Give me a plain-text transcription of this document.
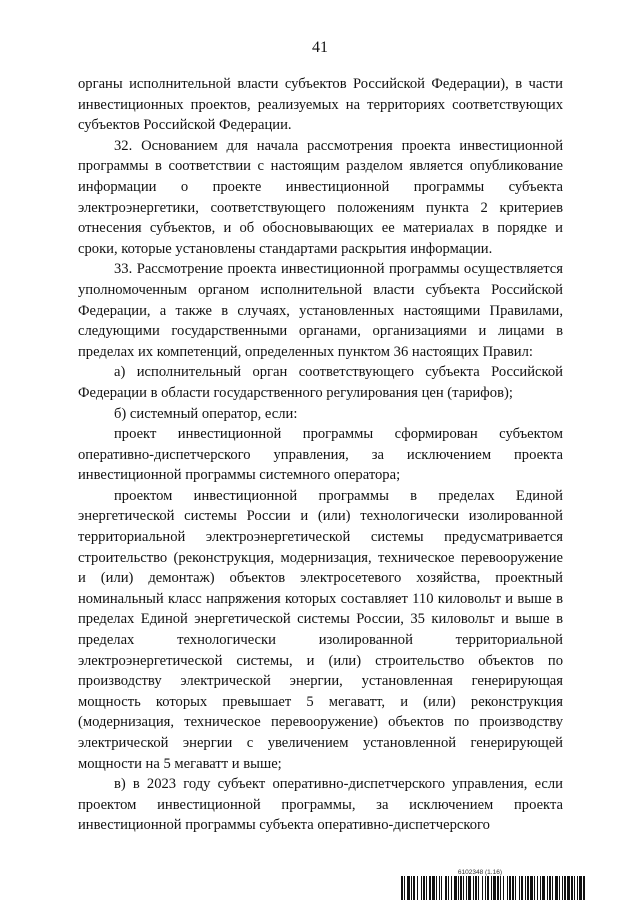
41

органы исполнительной власти субъектов Российской Федерации), в части инвестиционных проектов, реализуемых на территориях соответствующих субъектов Российской Федерации.

32. Основанием для начала рассмотрения проекта инвестиционной программы в соответствии с настоящим разделом является опубликование информации о проекте инвестиционной программы субъекта электроэнергетики, соответствующего положениям пункта 2 критериев отнесения субъектов, и об обосновывающих ее материалах в порядке и сроки, которые установлены стандартами раскрытия информации.

33. Рассмотрение проекта инвестиционной программы осуществляется уполномоченным органом исполнительной власти субъекта Российской Федерации, а также в случаях, установленных настоящими Правилами, следующими государственными органами, организациями и лицами в пределах их компетенций, определенных пунктом 36 настоящих Правил:

а) исполнительный орган соответствующего субъекта Российской Федерации в области государственного регулирования цен (тарифов);

б) системный оператор, если:

проект инвестиционной программы сформирован субъектом оперативно-диспетчерского управления, за исключением проекта инвестиционной программы системного оператора;

проектом инвестиционной программы в пределах Единой энергетической системы России и (или) технологически изолированной территориальной электроэнергетической системы предусматривается строительство (реконструкция, модернизация, техническое перевооружение и (или) демонтаж) объектов электросетевого хозяйства, проектный номинальный класс напряжения которых составляет 110 киловольт и выше в пределах Единой энергетической системы России, 35 киловольт и выше в пределах технологически изолированной территориальной электроэнергетической системы, и (или) строительство объектов по производству электрической энергии, установленная генерирующая мощность которых превышает 5 мегаватт, и (или) реконструкция (модернизация, техническое перевооружение) объектов по производству электрической энергии с увеличением установленной генерирующей мощности на 5 мегаватт и выше;

в) в 2023 году субъект оперативно-диспетчерского управления, если проектом инвестиционной программы, за исключением проекта инвестиционной программы субъекта оперативно-диспетчерского

6102348 (1.16)
